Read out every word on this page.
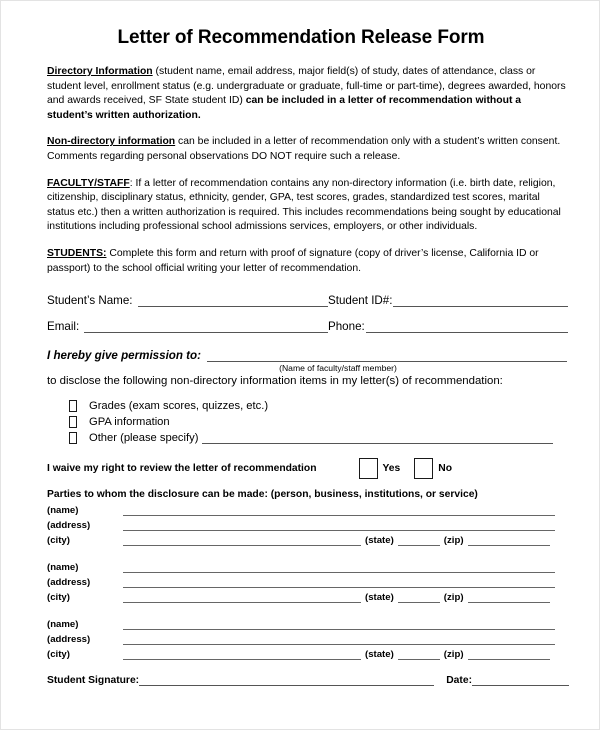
Letter of Recommendation Release Form

Directory Information (student name, email address, major field(s) of study, dates of attendance, class or student level, enrollment status (e.g. undergraduate or graduate, full-time or part-time), degrees awarded, honors and awards received, SF State student ID) can be included in a letter of recommendation without a student’s written authorization.

Non-directory information can be included in a letter of recommendation only with a student’s written consent. Comments regarding personal observations DO NOT require such a release.

FACULTY/STAFF: If a letter of recommendation contains any non-directory information (i.e. birth date, religion, citizenship, disciplinary status, ethnicity, gender, GPA, test scores, grades, standardized test scores, marital status etc.) then a written authorization is required. This includes recommendations being sought by educational institutions including professional school admissions services, employers, or other individuals.

STUDENTS: Complete this form and return with proof of signature (copy of driver’s license, California ID or passport) to the school official writing your letter of recommendation.

Student’s Name:	Student ID#:
Email:	Phone:
I hereby give permission to:
(Name of faculty/staff member)
to disclose the following non-directory information items in my letter(s) of recommendation:
Grades (exam scores, quizzes, etc.)
GPA information
Other (please specify)
I waive my right to review the letter of recommendation	Yes	No
Parties to whom the disclosure can be made: (person, business, institutions, or service)
(name)
(address)
(city)	(state)	(zip)
(name)
(address)
(city)	(state)	(zip)
(name)
(address)
(city)	(state)	(zip)
Student Signature:	Date:
